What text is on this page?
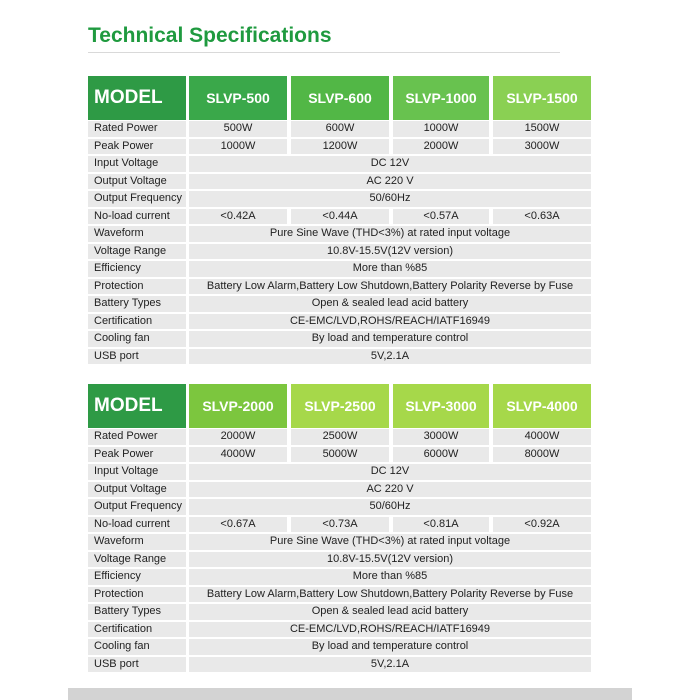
Technical Specifications
MODEL	SLVP-500	SLVP-600	SLVP-1000	SLVP-1500
Rated Power	500W	600W	1000W	1500W
Peak Power	1000W	1200W	2000W	3000W
Input Voltage	DC 12V
Output Voltage	AC 220 V
Output Frequency	50/60Hz
No-load current	<0.42A	<0.44A	<0.57A	<0.63A
Waveform	Pure Sine Wave (THD<3%) at rated input voltage
Voltage Range	10.8V-15.5V(12V version)
Efficiency	More than %85
Protection	Battery Low Alarm,Battery Low Shutdown,Battery Polarity Reverse by Fuse
Battery Types	Open & sealed lead acid battery
Certification	CE-EMC/LVD,ROHS/REACH/IATF16949
Cooling fan	By load and temperature control
USB port	5V,2.1A
MODEL	SLVP-2000	SLVP-2500	SLVP-3000	SLVP-4000
Rated Power	2000W	2500W	3000W	4000W
Peak Power	4000W	5000W	6000W	8000W
Input Voltage	DC 12V
Output Voltage	AC 220 V
Output Frequency	50/60Hz
No-load current	<0.67A	<0.73A	<0.81A	<0.92A
Waveform	Pure Sine Wave (THD<3%) at rated input voltage
Voltage Range	10.8V-15.5V(12V version)
Efficiency	More than %85
Protection	Battery Low Alarm,Battery Low Shutdown,Battery Polarity Reverse by Fuse
Battery Types	Open & sealed lead acid battery
Certification	CE-EMC/LVD,ROHS/REACH/IATF16949
Cooling fan	By load and temperature control
USB port	5V,2.1A
